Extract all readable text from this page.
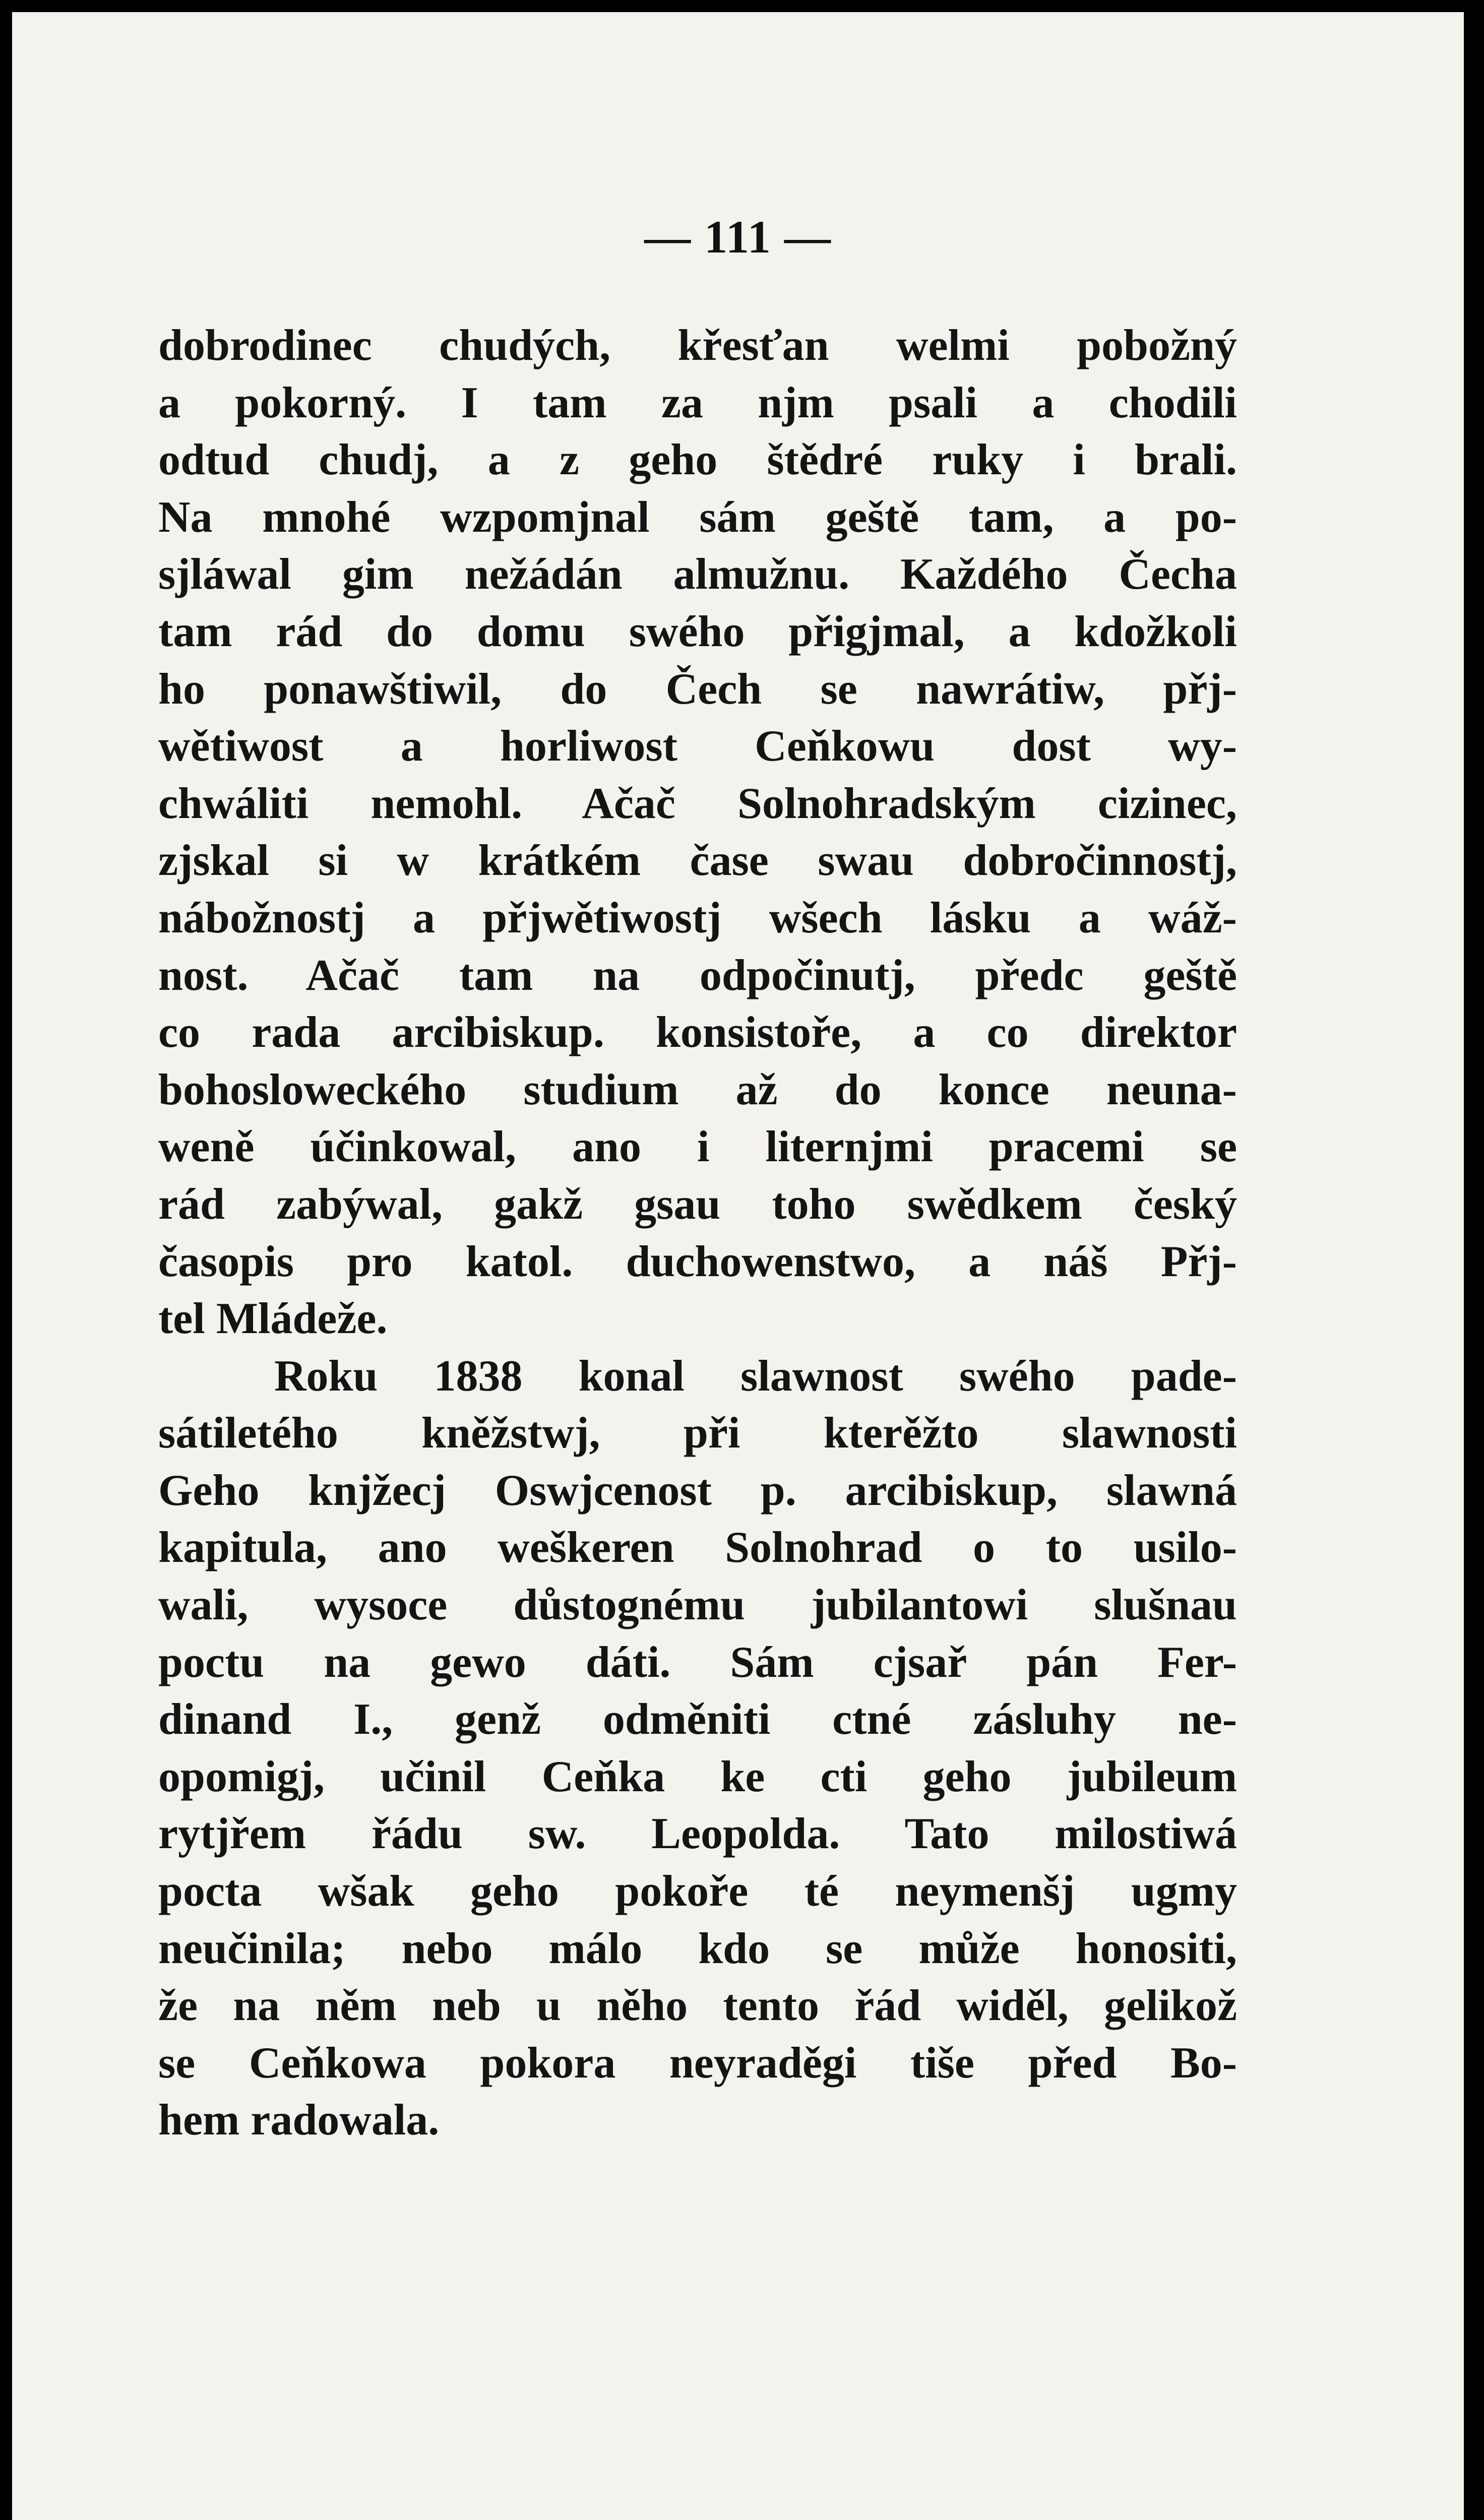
— 111 —
dobrodinec chudých, křesťan welmi pobožný
a pokorný. I tam za njm psali a chodili
odtud chudj, a z geho štědré ruky i brali.
Na mnohé wzpomjnal sám geště tam, a po-
sjláwal gim nežádán almužnu. Každého Čecha
tam rád do domu swého přigjmal, a kdožkoli
ho ponawštiwil, do Čech se nawrátiw, přj-
wětiwost a horliwost Ceňkowu dost wy-
chwáliti nemohl. Ačač Solnohradským cizinec,
zjskal si w krátkém čase swau dobročinnostj,
nábožnostj a přjwětiwostj wšech lásku a wáž-
nost. Ačač tam na odpočinutj, předc geště
co rada arcibiskup. konsistoře, a co direktor
bohosloweckého studium až do konce neuna-
weně účinkowal, ano i liternjmi pracemi se
rád zabýwal, gakž gsau toho swědkem český
časopis pro katol. duchowenstwo, a náš Přj-
tel Mládeže.
Roku 1838 konal slawnost swého pade-
sátiletého kněžstwj, při kterěžto slawnosti
Geho knjžecj Oswjcenost p. arcibiskup, slawná
kapitula, ano weškeren Solnohrad o to usilo-
wali, wysoce důstognému jubilantowi slušnau
poctu na gewo dáti. Sám cjsař pán Fer-
dinand I., genž odměniti ctné zásluhy ne-
opomigj, učinil Ceňka ke cti geho jubileum
rytjřem řádu sw. Leopolda. Tato milostiwá
pocta wšak geho pokoře té neymenšj ugmy
neučinila; nebo málo kdo se může honositi,
že na něm neb u něho tento řád widěl, gelikož
se Ceňkowa pokora neyraděgi tiše před Bo-
hem radowala.
